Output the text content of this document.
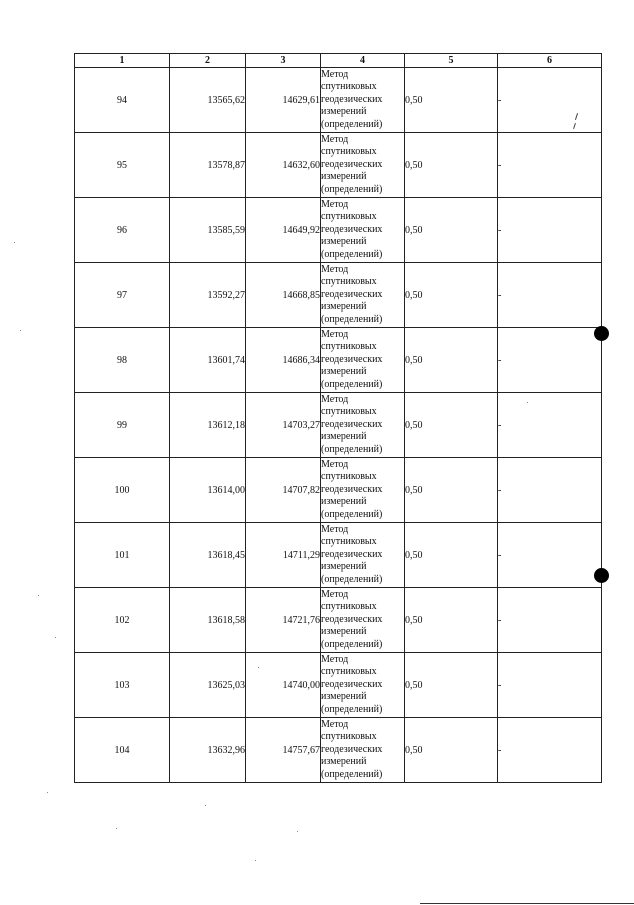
1	2	3	4	5	6
94	13565,62	14629,61	Метод
спутниковых
геодезических
измерений
(определений)	0,50	-
95	13578,87	14632,60	Метод
спутниковых
геодезических
измерений
(определений)	0,50	-
96	13585,59	14649,92	Метод
спутниковых
геодезических
измерений
(определений)	0,50	-
97	13592,27	14668,85	Метод
спутниковых
геодезических
измерений
(определений)	0,50	-
98	13601,74	14686,34	Метод
спутниковых
геодезических
измерений
(определений)	0,50	-
99	13612,18	14703,27	Метод
спутниковых
геодезических
измерений
(определений)	0,50	-
100	13614,00	14707,82	Метод
спутниковых
геодезических
измерений
(определений)	0,50	-
101	13618,45	14711,29	Метод
спутниковых
геодезических
измерений
(определений)	0,50	-
102	13618,58	14721,76	Метод
спутниковых
геодезических
измерений
(определений)	0,50	-
103	13625,03	14740,00	Метод
спутниковых
геодезических
измерений
(определений)	0,50	-
104	13632,96	14757,67	Метод
спутниковых
геодезических
измерений
(определений)	0,50	-
